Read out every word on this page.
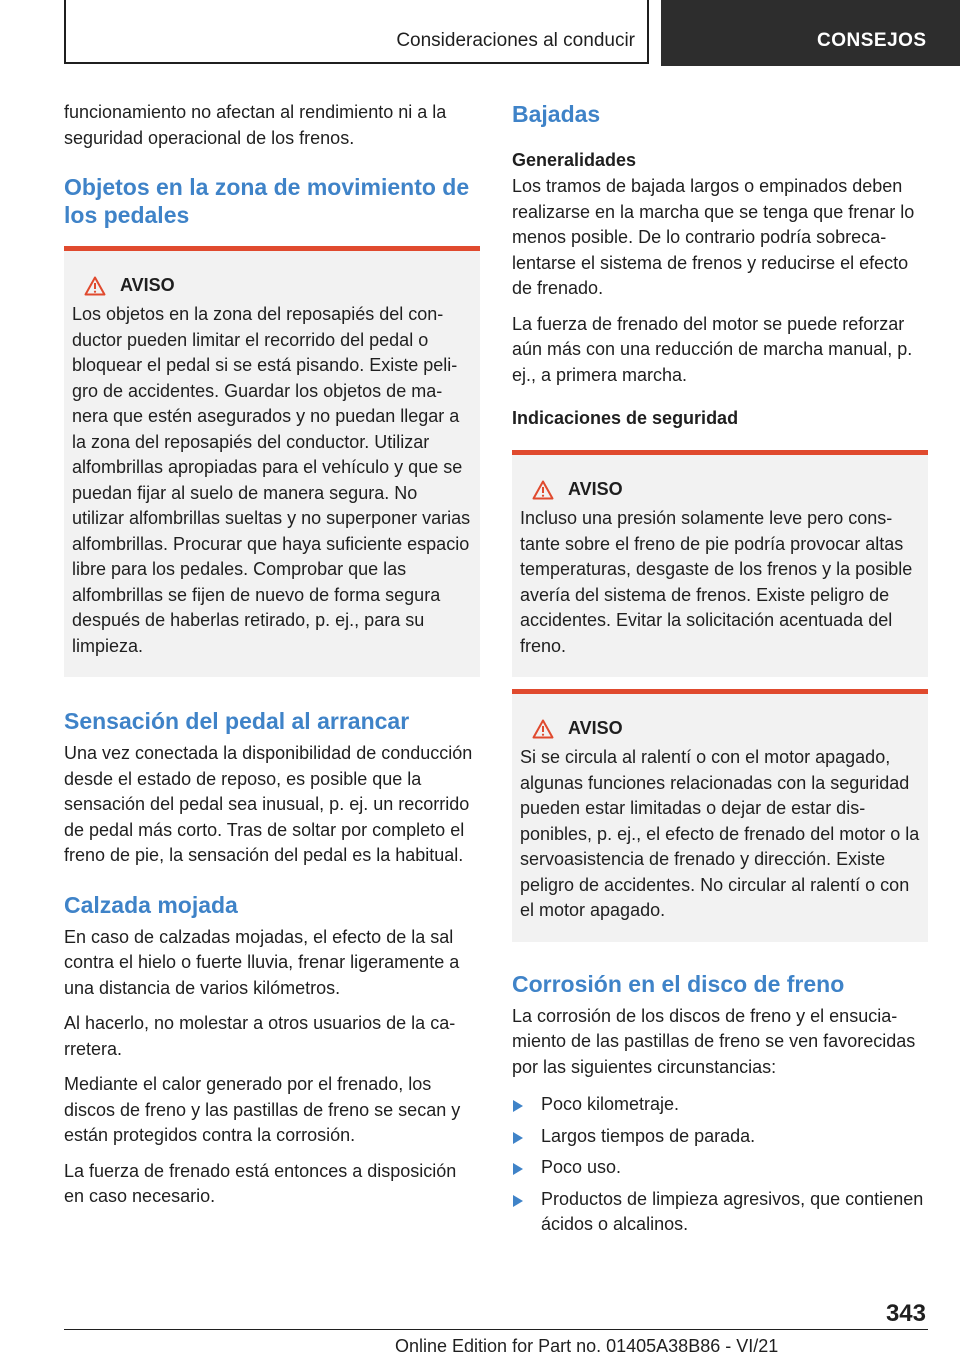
Consideraciones al conducir	CONSEJOS

funcionamiento no afectan al rendimiento ni a la seguridad operacional de los frenos.

Objetos en la zona de movimiento de los pedales
AVISO

Los objetos en la zona del reposapiés del conductor pueden limitar el recorrido del pedal o bloquear el pedal si se está pisando. Existe peligro de accidentes. Guardar los objetos de manera que estén asegurados y no puedan llegar a la zona del reposapiés del conductor. Utilizar alfombrillas apropiadas para el vehículo y que se puedan fijar al suelo de manera segura. No utilizar alfombrillas sueltas y no superponer varias alfombrillas. Procurar que haya suficiente espacio libre para los pedales. Comprobar que las alfombrillas se fijen de nuevo de forma segura después de haberlas retirado, p. ej., para su limpieza.

Sensación del pedal al arrancar

Una vez conectada la disponibilidad de conducción desde el estado de reposo, es posible que la sensación del pedal sea inusual, p. ej. un recorrido de pedal más corto. Tras de soltar por completo el freno de pie, la sensación del pedal es la habitual.

Calzada mojada

En caso de calzadas mojadas, el efecto de la sal contra el hielo o fuerte lluvia, frenar ligeramente a una distancia de varios kilómetros.

Al hacerlo, no molestar a otros usuarios de la carretera.

Mediante el calor generado por el frenado, los discos de freno y las pastillas de freno se secan y están protegidos contra la corrosión.

La fuerza de frenado está entonces a disposición en caso necesario.

Bajadas
Generalidades

Los tramos de bajada largos o empinados deben realizarse en la marcha que se tenga que frenar lo menos posible. De lo contrario podría sobrecalentarse el sistema de frenos y reducirse el efecto de frenado.

La fuerza de frenado del motor se puede reforzar aún más con una reducción de marcha manual, p. ej., a primera marcha.

Indicaciones de seguridad
AVISO

Incluso una presión solamente leve pero constante sobre el freno de pie podría provocar altas temperaturas, desgaste de los frenos y la posible avería del sistema de frenos. Existe peligro de accidentes. Evitar la solicitación acentuada del freno.

AVISO

Si se circula al ralentí o con el motor apagado, algunas funciones relacionadas con la seguridad pueden estar limitadas o dejar de estar disponibles, p. ej., el efecto de frenado del motor o la servoasistencia de frenado y dirección. Existe peligro de accidentes. No circular al ralentí o con el motor apagado.

Corrosión en el disco de freno

La corrosión de los discos de freno y el ensuciamiento de las pastillas de freno se ven favorecidas por las siguientes circunstancias:

Poco kilometraje.
Largos tiempos de parada.
Poco uso.
Productos de limpieza agresivos, que contienen ácidos o alcalinos.
343
Online Edition for Part no. 01405A38B86 - VI/21
